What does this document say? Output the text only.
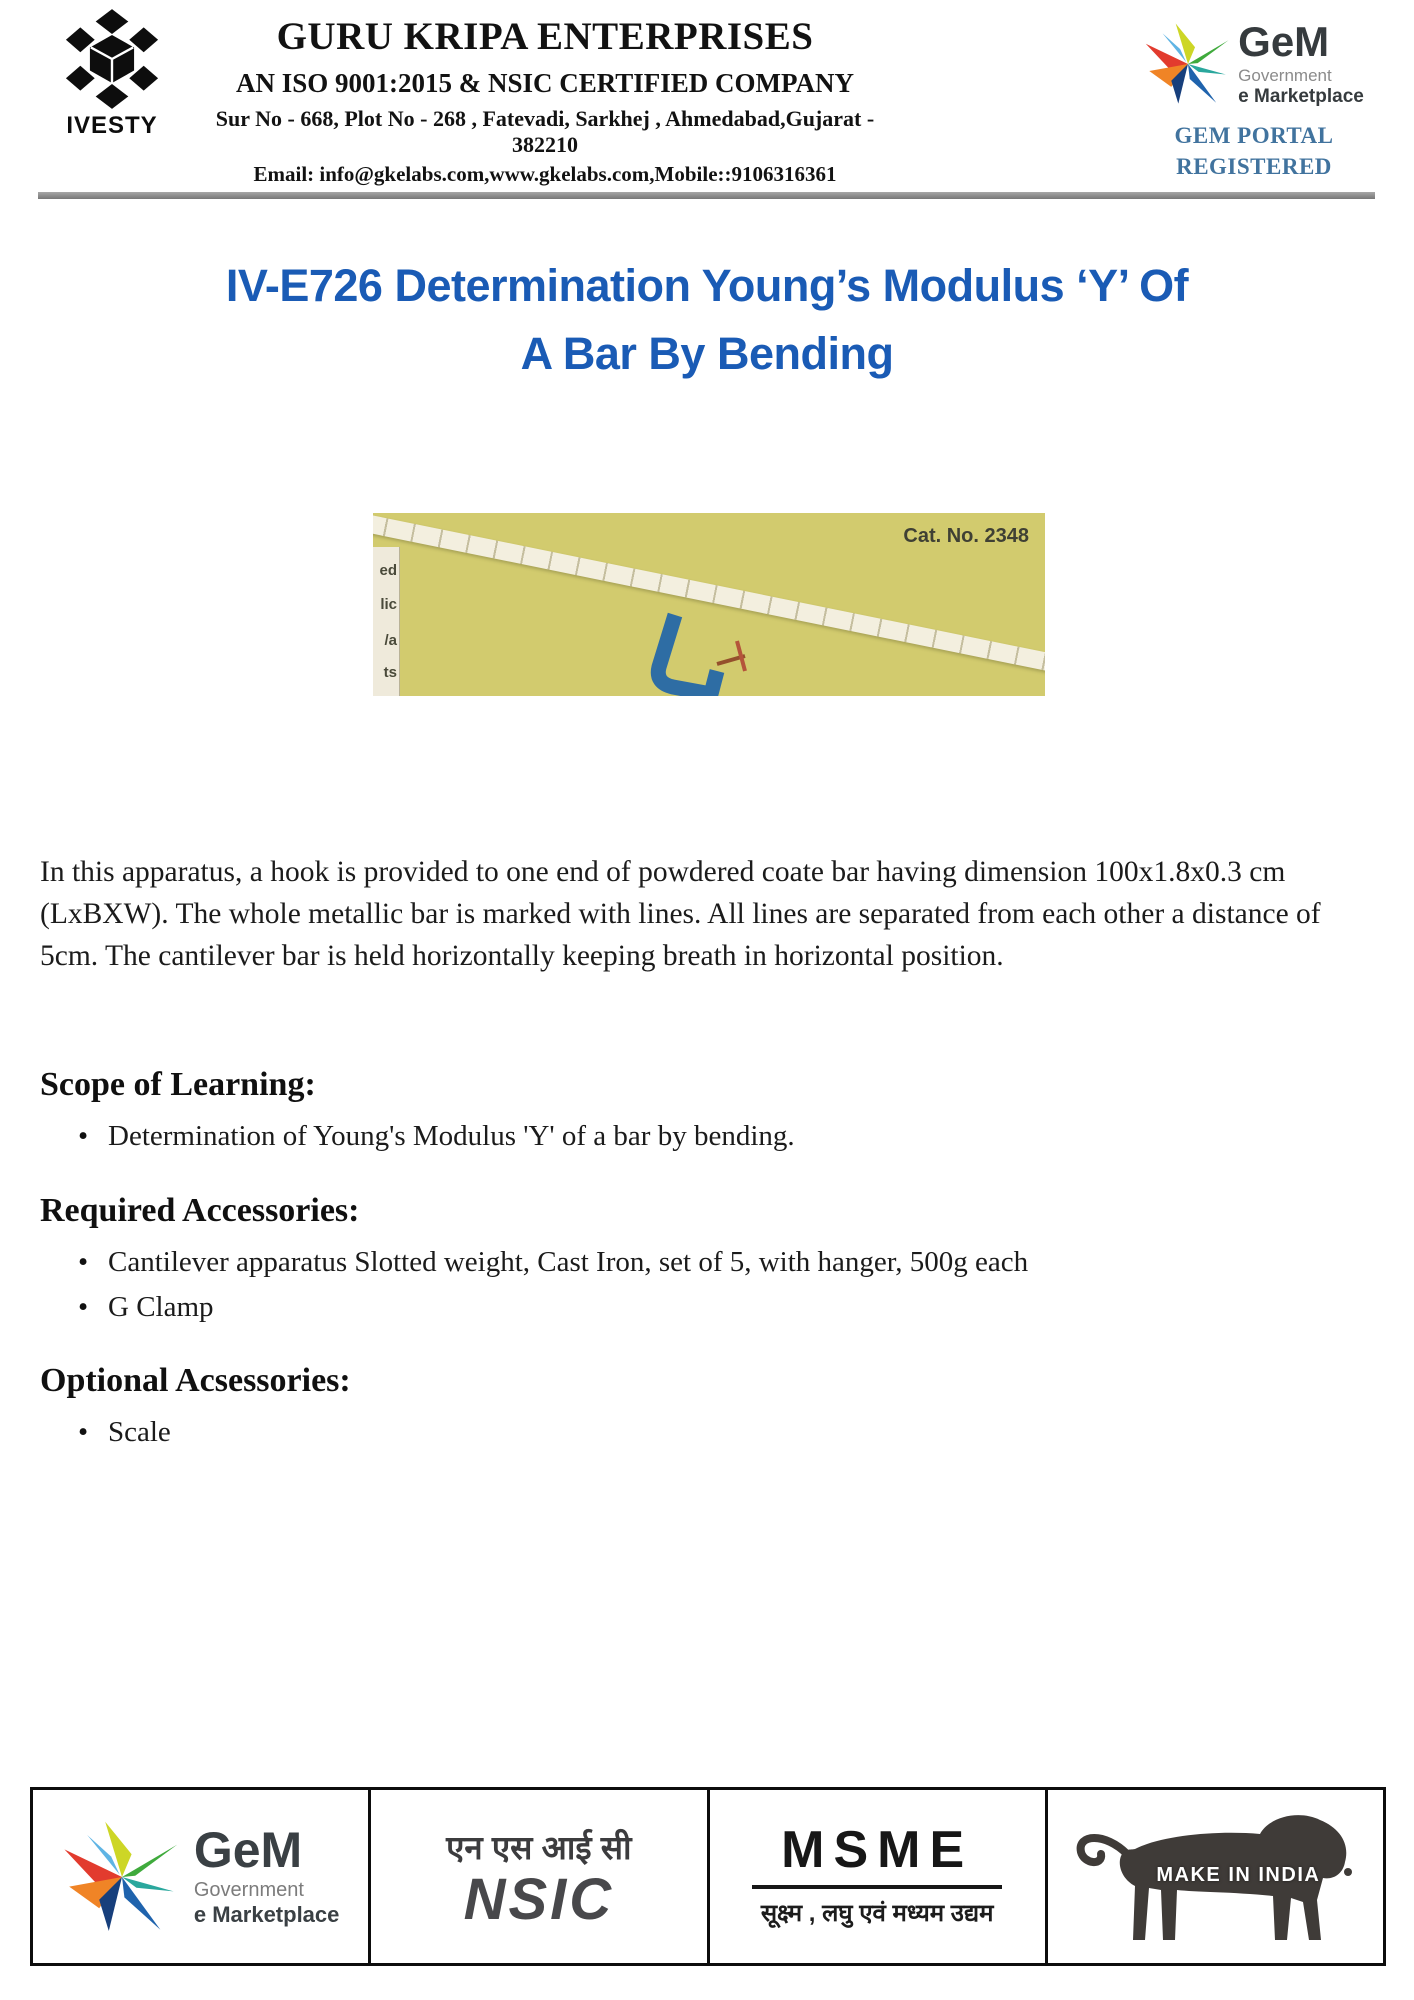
IVESTY
GURU KRIPA ENTERPRISES
AN ISO 9001:2015 & NSIC CERTIFIED COMPANY
Sur No - 668, Plot No - 268 , Fatevadi, Sarkhej , Ahmedabad,Gujarat - 382210
Email: info@gkelabs.com,www.gkelabs.com,Mobile::9106316361
GeM
Government
e Marketplace
GEM PORTAL
REGISTERED
IV-E726 Determination Young’s Modulus ‘Y’ Of
A Bar By Bending
ed
lic
/a
ts
Cat. No. 2348

In this apparatus, a hook is provided to one end of powdered coate bar having dimension 100x1.8x0.3 cm (LxBXW). The whole metallic bar is marked with lines. All lines are separated from each other a distance of 5cm. The cantilever bar is held horizontally keeping breath in horizontal position.

Scope of Learning:
• Determination of Young's Modulus 'Y' of a bar by bending.
Required Accessories:
• Cantilever apparatus Slotted weight, Cast Iron, set of 5, with hanger, 500g each
• G Clamp
Optional Acsessories:
• Scale
GeM
Government
e Marketplace
एन एस आई सी
NSIC
MSME
सूक्ष्म , लघु एवं मध्यम उद्यम
MAKE IN INDIA
